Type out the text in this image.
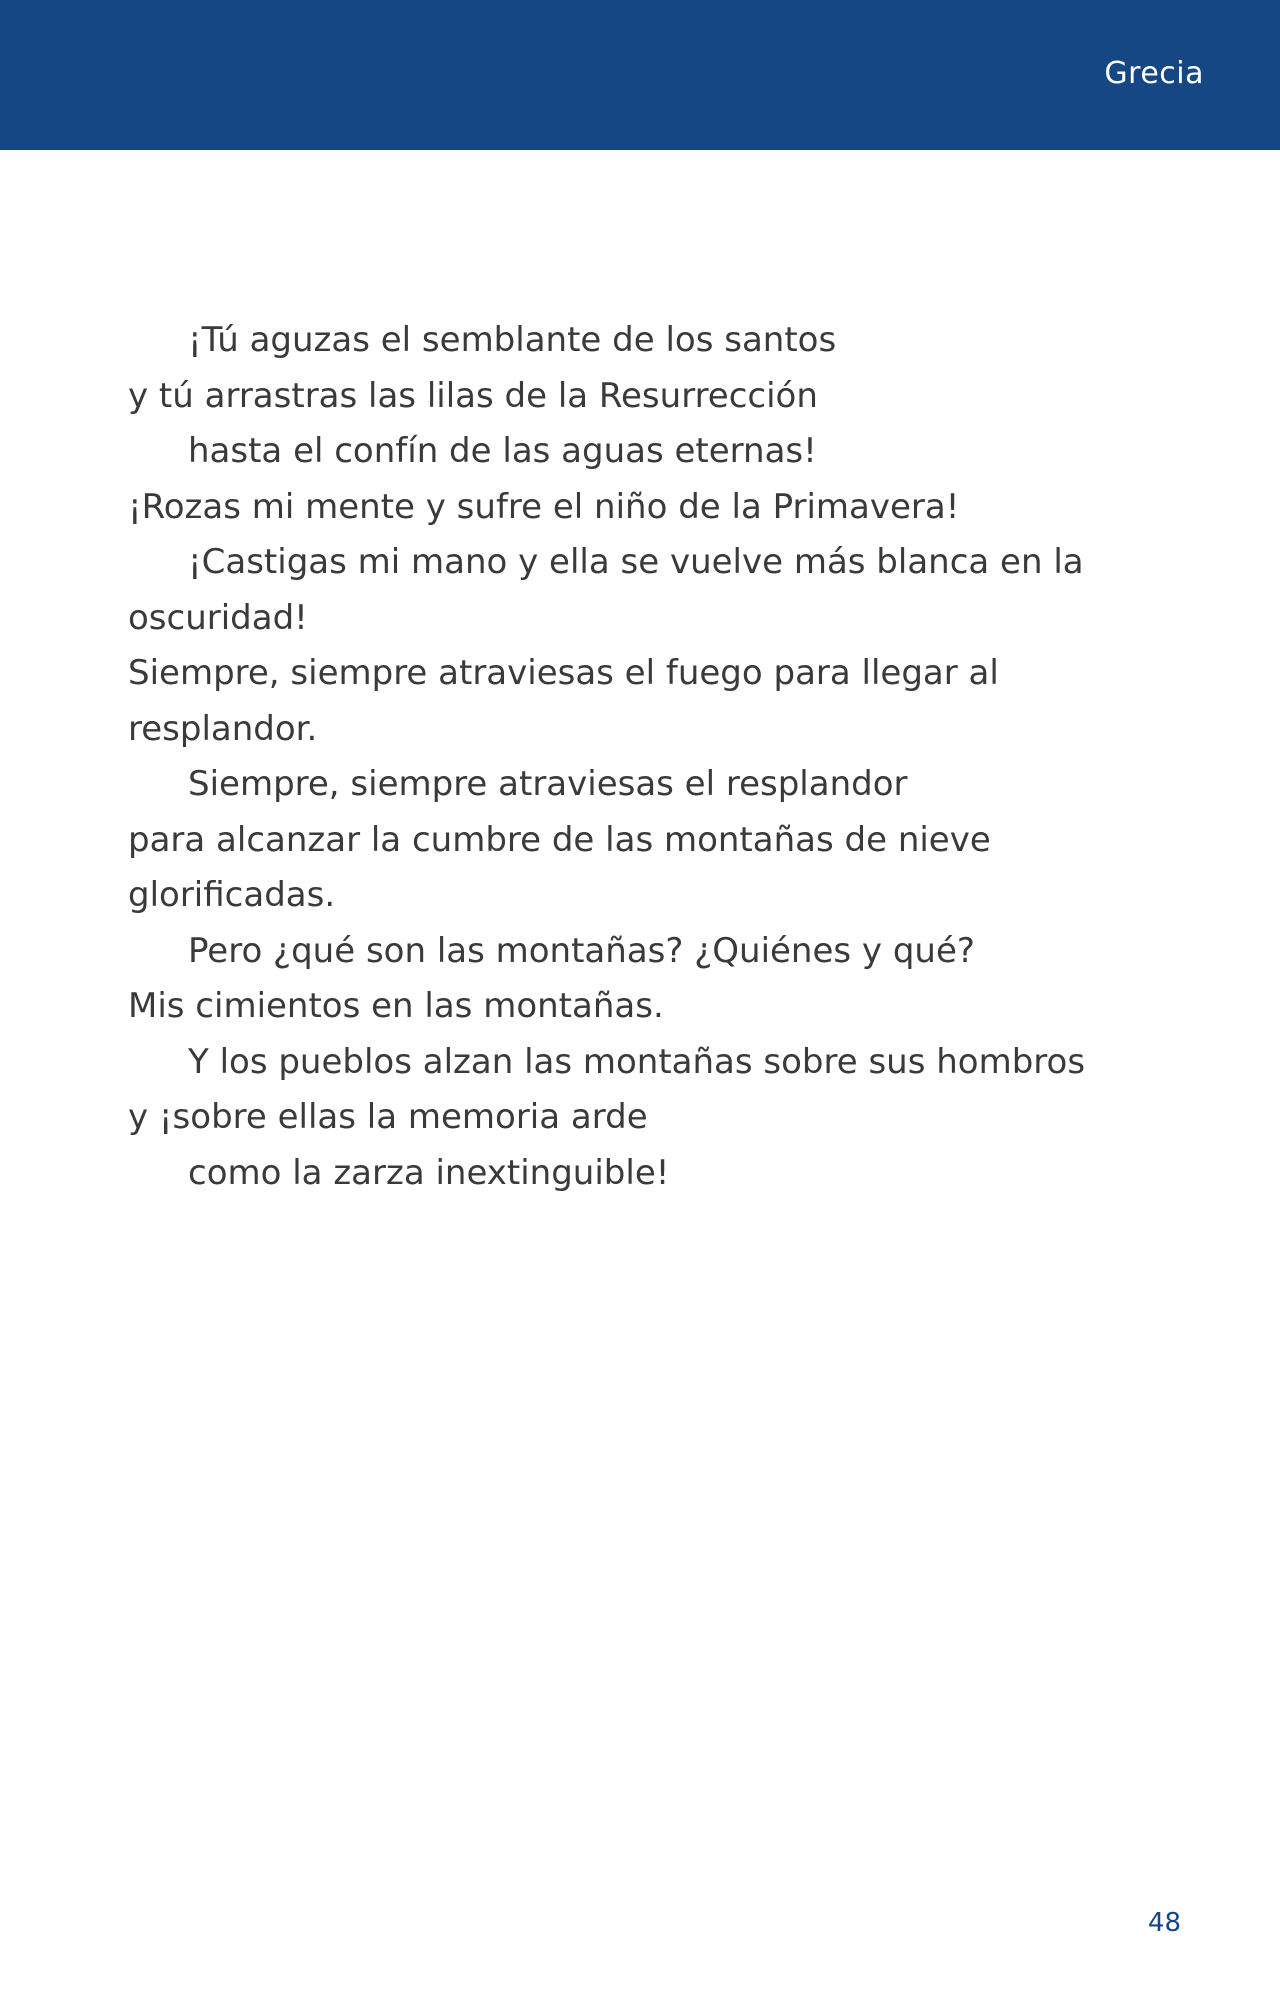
Grecia
¡Tú aguzas el semblante de los santos
y tú arrastras las lilas de la Resurrección
hasta el confín de las aguas eternas!
¡Rozas mi mente y sufre el niño de la Primavera!
¡Castigas mi mano y ella se vuelve más blanca en la
oscuridad!
Siempre, siempre atraviesas el fuego para llegar al
resplandor.
Siempre, siempre atraviesas el resplandor
para alcanzar la cumbre de las montañas de nieve
glorificadas.
Pero ¿qué son las montañas? ¿Quiénes y qué?
Mis cimientos en las montañas.
Y los pueblos alzan las montañas sobre sus hombros
y ¡sobre ellas la memoria arde
como la zarza inextinguible!
48
